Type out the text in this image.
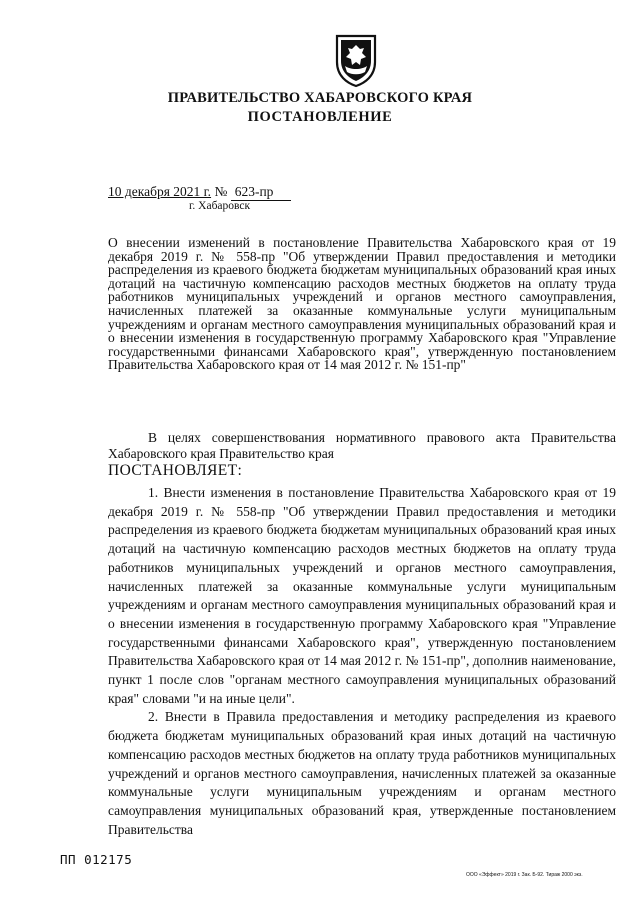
ПРАВИТЕЛЬСТВО ХАБАРОВСКОГО КРАЯ
ПОСТАНОВЛЕНИЕ
10 декабря 2021 г. № 623-пр
г. Хабаровск
О внесении изменений в постановление Правительства Хабаровского края от 19 декабря 2019 г. № 558-пр "Об утверждении Правил предоставления и методики распределения из краевого бюджета бюджетам муниципальных образований края иных дотаций на частичную компенсацию расходов местных бюджетов на оплату труда работников муниципальных учреждений и органов местного самоуправления, начисленных платежей за оказанные коммунальные услуги муниципальным учреждениям и органам местного самоуправления муниципальных образований края и о внесении изменения в государственную программу Хабаровского края "Управление государственными финансами Хабаровского края", утвержденную постановлением Правительства Хабаровского края от 14 мая 2012 г. № 151-пр"
В целях совершенствования нормативного правового акта Правительства Хабаровского края Правительство края
ПОСТАНОВЛЯЕТ:

1. Внести изменения в постановление Правительства Хабаровского края от 19 декабря 2019 г. № 558-пр "Об утверждении Правил предоставления и методики распределения из краевого бюджета бюджетам муниципальных образований края иных дотаций на частичную компенсацию расходов местных бюджетов на оплату труда работников муниципальных учреждений и органов местного самоуправления, начисленных платежей за оказанные коммунальные услуги муниципальным учреждениям и органам местного самоуправления муниципальных образований края и о внесении изменения в государственную программу Хабаровского края "Управление государственными финансами Хабаровского края", утвержденную постановлением Правительства Хабаровского края от 14 мая 2012 г. № 151-пр", дополнив наименование, пункт 1 после слов "органам местного самоуправления муниципальных образований края" словами "и на иные цели".

2. Внести в Правила предоставления и методику распределения из краевого бюджета бюджетам муниципальных образований края иных дотаций на частичную компенсацию расходов местных бюджетов на оплату труда работников муниципальных учреждений и органов местного самоуправления, начисленных платежей за оказанные коммунальные услуги муниципальным учреждениям и органам местного самоуправления муниципальных образований края, утвержденные постановлением Правительства

ПП 012175
ООО «Эффект» 2019 г. Зак. Б-92. Тираж 2000 экз.
